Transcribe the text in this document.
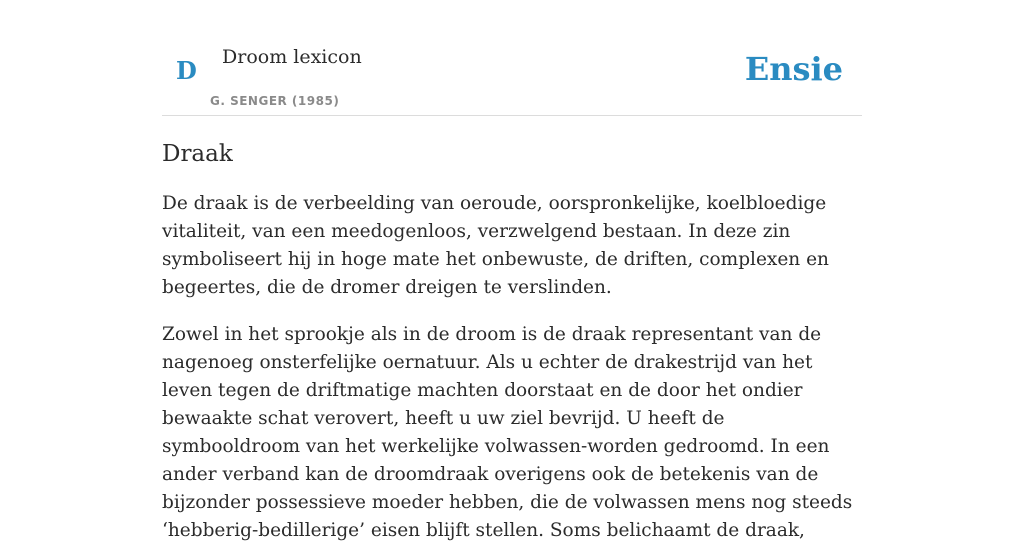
D Droom lexicon
G. SENGER (1985)
Ensie
Draak

De draak is de verbeelding van oeroude, oorspronkelijke, koelbloedige vitaliteit, van een meedogenloos, verzwelgend bestaan. In deze zin symboliseert hij in hoge mate het onbewuste, de driften, complexen en begeertes, die de dromer dreigen te verslinden.

Zowel in het sprookje als in de droom is de draak representant van de nagenoeg onsterfelijke oernatuur. Als u echter de drakestrijd van het leven tegen de driftmatige machten doorstaat en de door het ondier bewaakte schat verovert, heeft u uw ziel bevrijd. U heeft de symbooldroom van het werkelijke volwassen-worden gedroomd. In een ander verband kan de droomdraak overigens ook de betekenis van de bijzonder possessieve moeder hebben, die de volwassen mens nog steeds ‘hebberig-bedillerige’ eisen blijft stellen. Soms belichaamt de draak,
